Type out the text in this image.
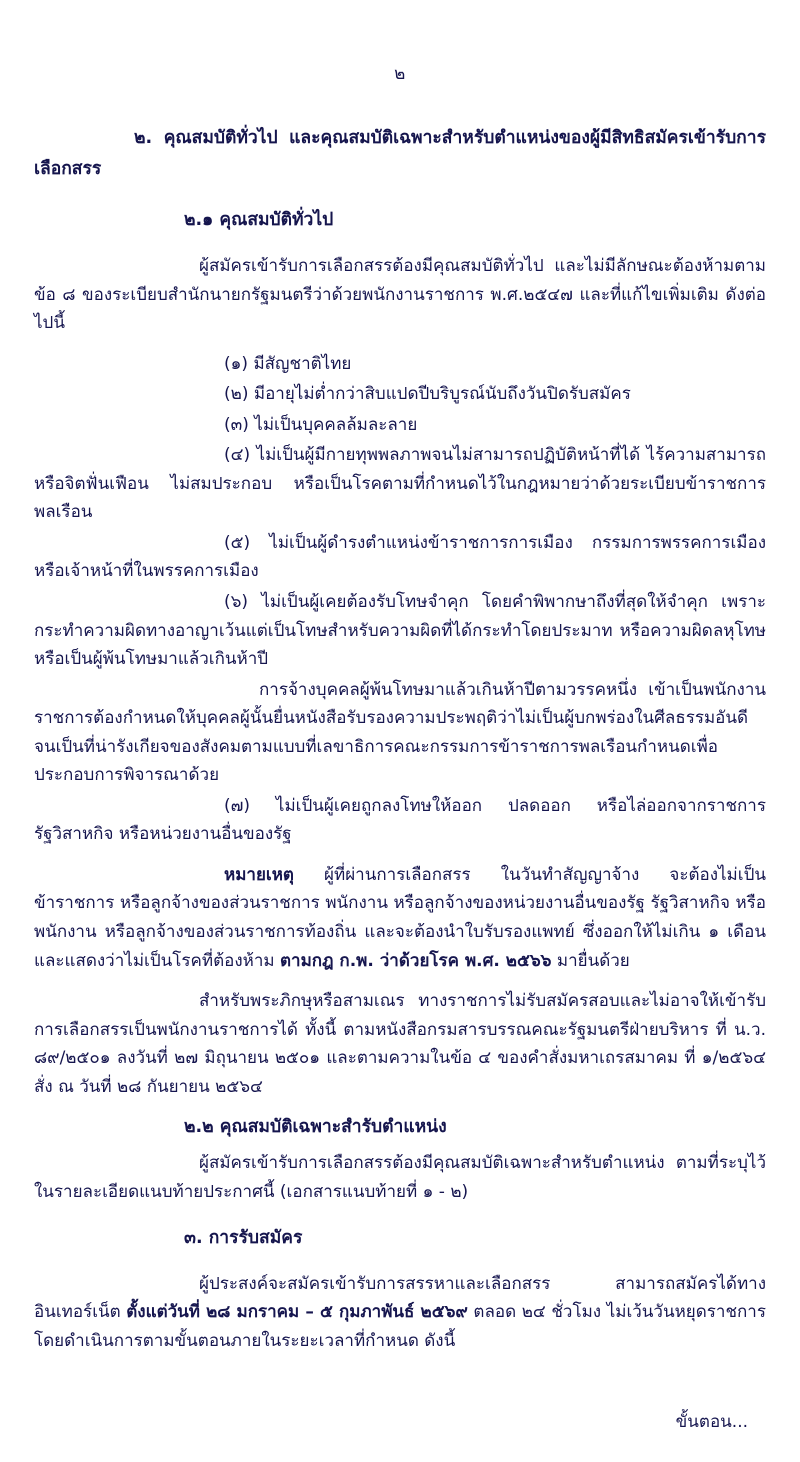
๒
๒. คุณสมบัติทั่วไป และคุณสมบัติเฉพาะสำหรับตำแหน่งของผู้มีสิทธิสมัครเข้ารับการเลือกสรร
๒.๑ คุณสมบัติทั่วไป

ผู้สมัครเข้ารับการเลือกสรรต้องมีคุณสมบัติทั่วไป และไม่มีลักษณะต้องห้ามตามข้อ ๘ ของระเบียบสำนักนายกรัฐมนตรีว่าด้วยพนักงานราชการ พ.ศ.๒๕๔๗ และที่แก้ไขเพิ่มเติม ดังต่อไปนี้

(๑) มีสัญชาติไทย

(๒) มีอายุไม่ต่ำกว่าสิบแปดปีบริบูรณ์นับถึงวันปิดรับสมัคร

(๓) ไม่เป็นบุคคลล้มละลาย

(๔) ไม่เป็นผู้มีกายทุพพลภาพจนไม่สามารถปฏิบัติหน้าที่ได้ ไร้ความสามารถ หรือจิตฟั่นเฟือน ไม่สมประกอบ หรือเป็นโรคตามที่กำหนดไว้ในกฎหมายว่าด้วยระเบียบข้าราชการพลเรือน

(๕) ไม่เป็นผู้ดำรงตำแหน่งข้าราชการการเมือง กรรมการพรรคการเมือง หรือเจ้าหน้าที่ในพรรคการเมือง

(๖) ไม่เป็นผู้เคยต้องรับโทษจำคุก โดยคำพิพากษาถึงที่สุดให้จำคุก เพราะกระทำความผิดทางอาญาเว้นแต่เป็นโทษสำหรับความผิดที่ได้กระทำโดยประมาท หรือความผิดลหุโทษ หรือเป็นผู้พ้นโทษมาแล้วเกินห้าปี

การจ้างบุคคลผู้พ้นโทษมาแล้วเกินห้าปีตามวรรคหนึ่ง เข้าเป็นพนักงานราชการต้องกำหนดให้บุคคลผู้นั้นยื่นหนังสือรับรองความประพฤติว่าไม่เป็นผู้บกพร่องในศีลธรรมอันดีจนเป็นที่น่ารังเกียจของสังคมตามแบบที่เลขาธิการคณะกรรมการข้าราชการพลเรือนกำหนดเพื่อประกอบการพิจารณาด้วย

(๗) ไม่เป็นผู้เคยถูกลงโทษให้ออก ปลดออก หรือไล่ออกจากราชการ รัฐวิสาหกิจ หรือหน่วยงานอื่นของรัฐ

หมายเหตุ ผู้ที่ผ่านการเลือกสรร ในวันทำสัญญาจ้าง จะต้องไม่เป็นข้าราชการ หรือลูกจ้างของส่วนราชการ พนักงาน หรือลูกจ้างของหน่วยงานอื่นของรัฐ รัฐวิสาหกิจ หรือพนักงาน หรือลูกจ้างของส่วนราชการท้องถิ่น และจะต้องนำใบรับรองแพทย์ ซึ่งออกให้ไม่เกิน ๑ เดือน และแสดงว่าไม่เป็นโรคที่ต้องห้าม ตามกฎ ก.พ. ว่าด้วยโรค พ.ศ. ๒๕๖๖ มายื่นด้วย

สำหรับพระภิกษุหรือสามเณร ทางราชการไม่รับสมัครสอบและไม่อาจให้เข้ารับการเลือกสรรเป็นพนักงานราชการได้ ทั้งนี้ ตามหนังสือกรมสารบรรณคณะรัฐมนตรีฝ่ายบริหาร ที่ น.ว. ๘๙/๒๕๐๑ ลงวันที่ ๒๗ มิถุนายน ๒๕๐๑ และตามความในข้อ ๔ ของคำสั่งมหาเถรสมาคม ที่ ๑/๒๕๖๔ สั่ง ณ วันที่ ๒๘ กันยายน ๒๕๖๔

๒.๒ คุณสมบัติเฉพาะสำรับตำแหน่ง

ผู้สมัครเข้ารับการเลือกสรรต้องมีคุณสมบัติเฉพาะสำหรับตำแหน่ง ตามที่ระบุไว้ในรายละเอียดแนบท้ายประกาศนี้ (เอกสารแนบท้ายที่ ๑ - ๒)

๓. การรับสมัคร

ผู้ประสงค์จะสมัครเข้ารับการสรรหาและเลือกสรร สามารถสมัครได้ทางอินเทอร์เน็ต ตั้งแต่วันที่ ๒๘ มกราคม – ๕ กุมภาพันธ์ ๒๕๖๙ ตลอด ๒๔ ชั่วโมง ไม่เว้นวันหยุดราชการ โดยดำเนินการตามขั้นตอนภายในระยะเวลาที่กำหนด ดังนี้

ขั้นตอน...
